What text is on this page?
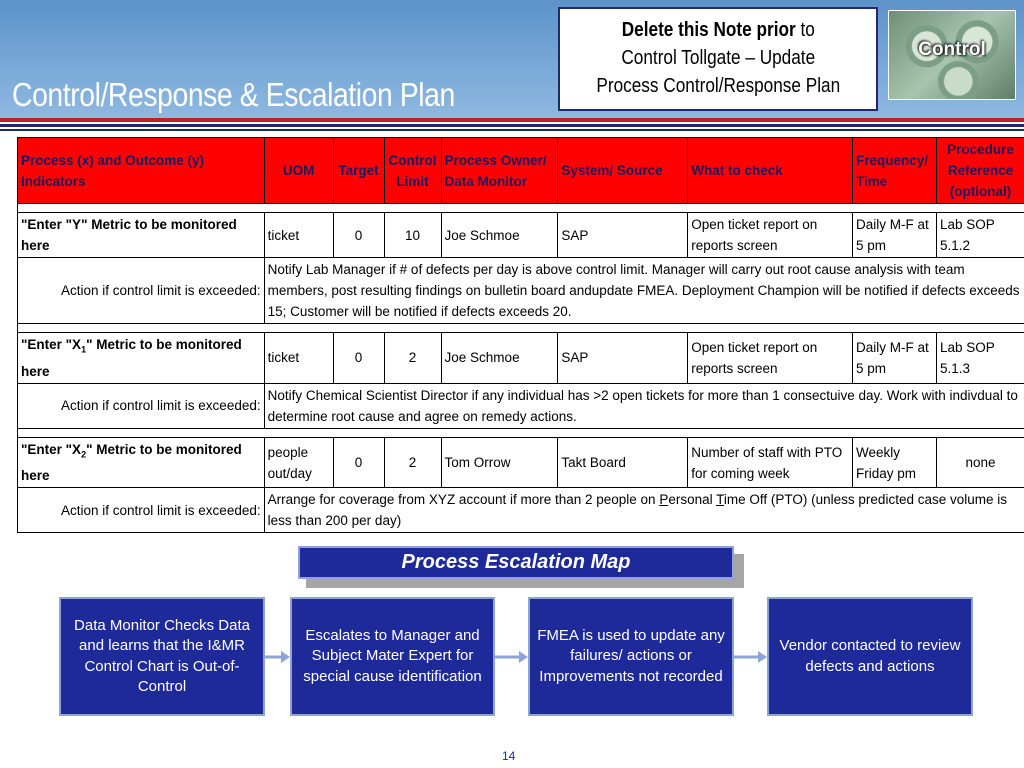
Control/Response & Escalation Plan
Delete this Note prior to
Control Tollgate – Update
Process Control/Response Plan
Control
Process (x) and Outcome (y) Indicators	UOM	Target	Control Limit	Process Owner/ Data Monitor	System/ Source	What to check	Frequency/ Time	Procedure Reference (optional)

"Enter "Y" Metric to be monitored here	ticket	0	10	Joe Schmoe	SAP	Open ticket report on reports screen	Daily M-F at 5 pm	Lab SOP 5.1.2
Action if control limit is exceeded:	Notify Lab Manager if # of defects per day is above control limit. Manager will carry out root cause analysis with team members, post resulting findings on bulletin board andupdate FMEA. Deployment Champion will be notified if defects exceeds 15; Customer will be notified if defects exceeds 20.							

"Enter "$X_1$" Metric to be monitored here	ticket	0	2	Joe Schmoe	SAP	Open ticket report on reports screen	Daily M-F at 5 pm	Lab SOP 5.1.3
Action if control limit is exceeded:	Notify Chemical Scientist Director if any individual has >2 open tickets for more than 1 consectuive day. Work with indivdual to determine root cause and agree on remedy actions.							

"Enter "$X_2$" Metric to be monitored here	people out/day	0	2	Tom Orrow	Takt Board	Number of staff with PTO for coming week	Weekly Friday pm	none
Action if control limit is exceeded:	Arrange for coverage from XYZ account if more than 2 people on Personal Time Off (PTO) (unless predicted case volume is less than 200 per day)							
Process Escalation Map
Data Monitor Checks Data and learns that the I&MR Control Chart is Out-of-Control
Escalates to Manager and Subject Mater Expert for special cause identification
FMEA is used to update any failures/ actions or Improvements not recorded
Vendor contacted to review defects and actions
14
